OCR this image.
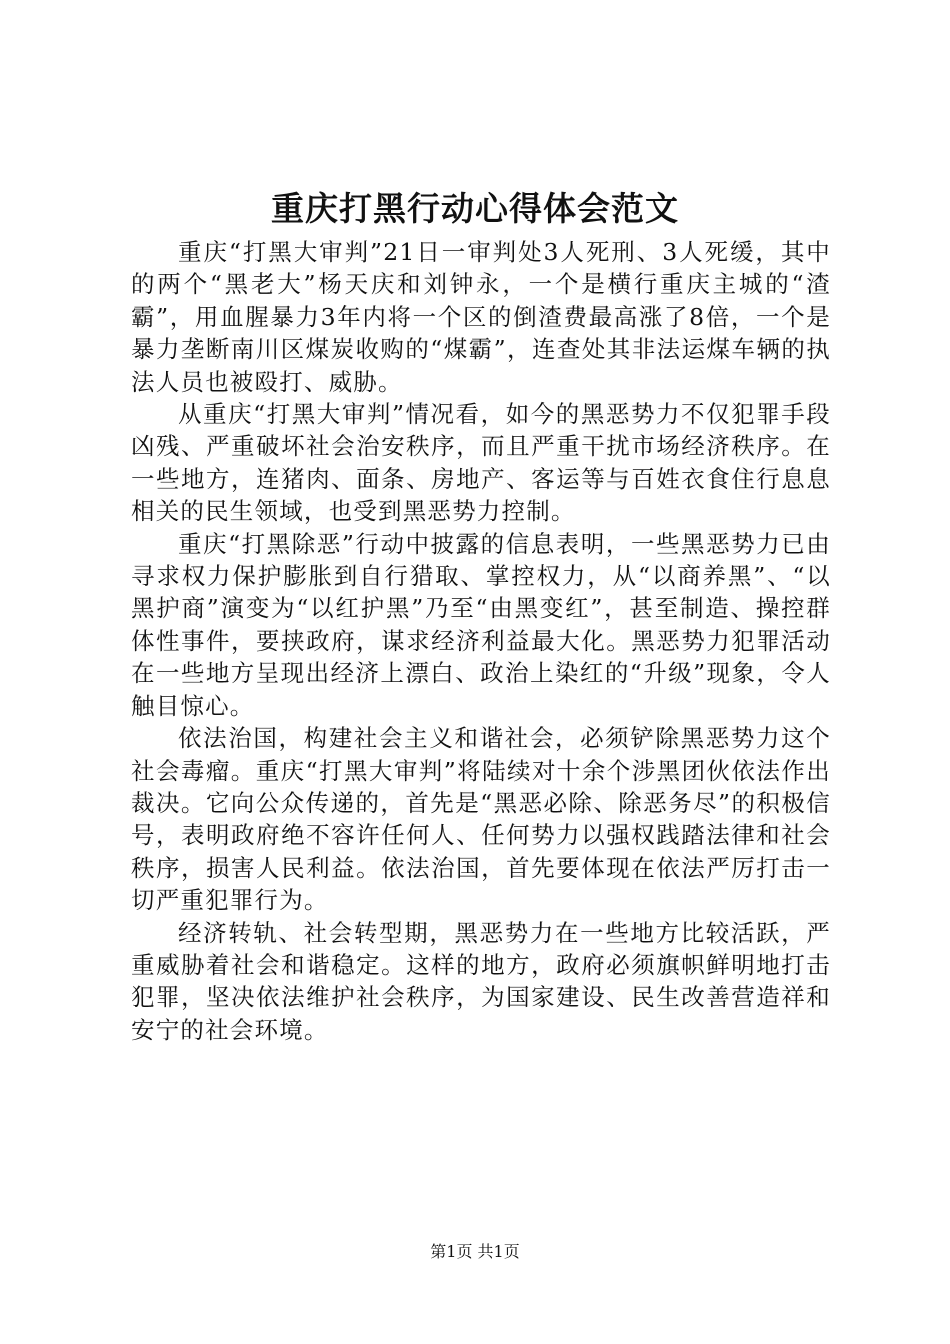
重庆打黑行动心得体会范文

重庆“打黑大审判”21日一审判处3人死刑、3人死缓，其中的两个“黑老大”杨天庆和刘钟永，一个是横行重庆主城的“渣霸”，用血腥暴力3年内将一个区的倒渣费最高涨了8倍，一个是暴力垄断南川区煤炭收购的“煤霸”，连查处其非法运煤车辆的执法人员也被殴打、威胁。

从重庆“打黑大审判”情况看，如今的黑恶势力不仅犯罪手段凶残、严重破坏社会治安秩序，而且严重干扰市场经济秩序。在一些地方，连猪肉、面条、房地产、客运等与百姓衣食住行息息相关的民生领域，也受到黑恶势力控制。

重庆“打黑除恶”行动中披露的信息表明，一些黑恶势力已由寻求权力保护膨胀到自行猎取、掌控权力，从“以商养黑”、“以黑护商”演变为“以红护黑”乃至“由黑变红”，甚至制造、操控群体性事件，要挟政府，谋求经济利益最大化。黑恶势力犯罪活动在一些地方呈现出经济上漂白、政治上染红的“升级”现象，令人触目惊心。

依法治国，构建社会主义和谐社会，必须铲除黑恶势力这个社会毒瘤。重庆“打黑大审判”将陆续对十余个涉黑团伙依法作出裁决。它向公众传递的，首先是“黑恶必除、除恶务尽”的积极信号，表明政府绝不容许任何人、任何势力以强权践踏法律和社会秩序，损害人民利益。依法治国，首先要体现在依法严厉打击一切严重犯罪行为。

经济转轨、社会转型期，黑恶势力在一些地方比较活跃，严重威胁着社会和谐稳定。这样的地方，政府必须旗帜鲜明地打击犯罪，坚决依法维护社会秩序，为国家建设、民生改善营造祥和安宁的社会环境。

第1页 共1页
